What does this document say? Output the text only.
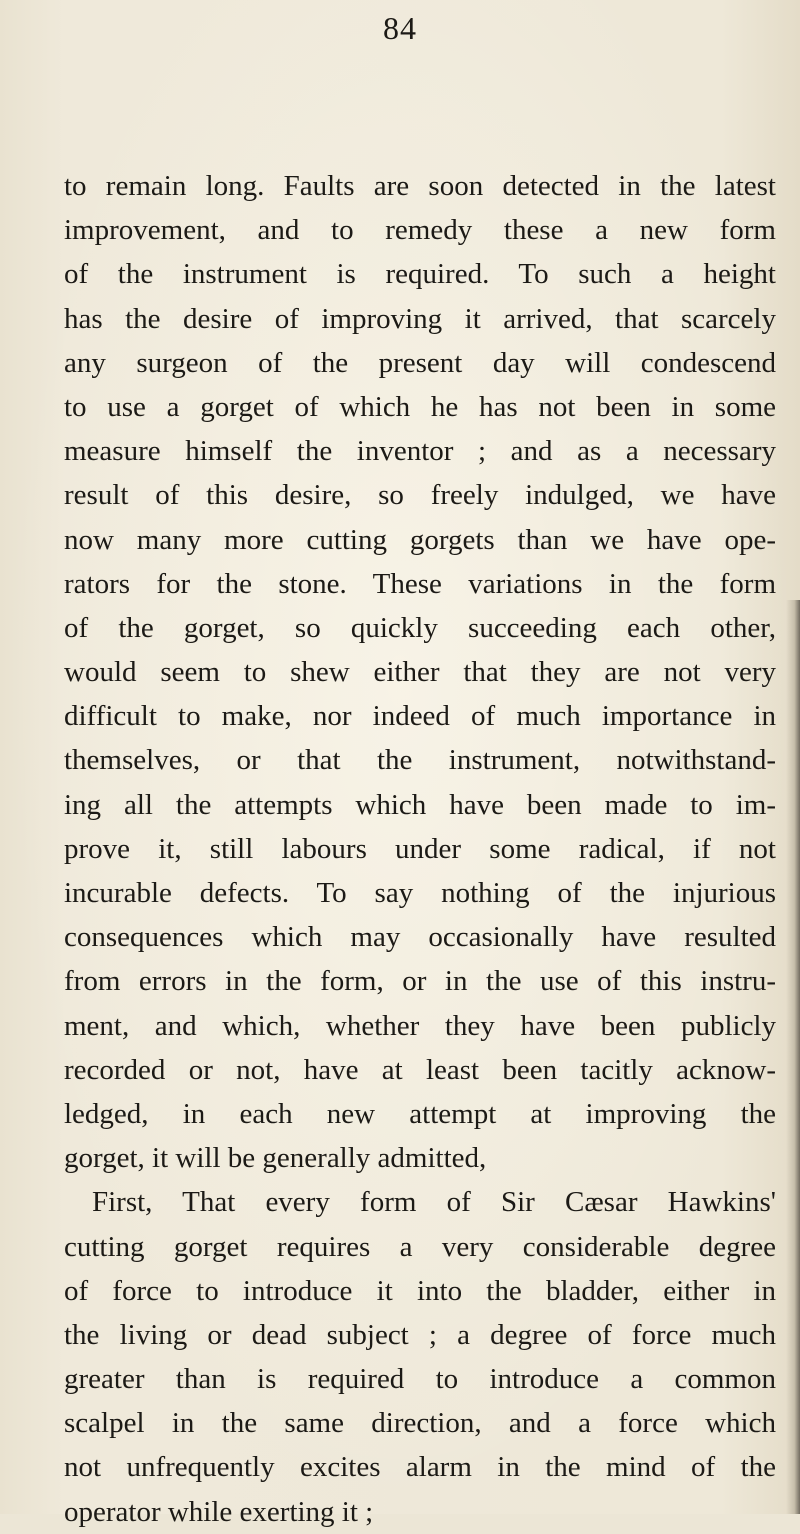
84
to remain long. Faults are soon detected in the latest
improvement, and to remedy these a new form
of the instrument is required. To such a height
has the desire of improving it arrived, that scarcely
any surgeon of the present day will condescend
to use a gorget of which he has not been in some
measure himself the inventor ; and as a necessary
result of this desire, so freely indulged, we have
now many more cutting gorgets than we have ope-
rators for the stone. These variations in the form
of the gorget, so quickly succeeding each other,
would seem to shew either that they are not very
difficult to make, nor indeed of much importance in
themselves, or that the instrument, notwithstand-
ing all the attempts which have been made to im-
prove it, still labours under some radical, if not
incurable defects. To say nothing of the injurious
consequences which may occasionally have resulted
from errors in the form, or in the use of this instru-
ment, and which, whether they have been publicly
recorded or not, have at least been tacitly acknow-
ledged, in each new attempt at improving the
gorget, it will be generally admitted,
First, That every form of Sir Cæsar Hawkins'
cutting gorget requires a very considerable degree
of force to introduce it into the bladder, either in
the living or dead subject ; a degree of force much
greater than is required to introduce a common
scalpel in the same direction, and a force which
not unfrequently excites alarm in the mind of the
operator while exerting it ;
